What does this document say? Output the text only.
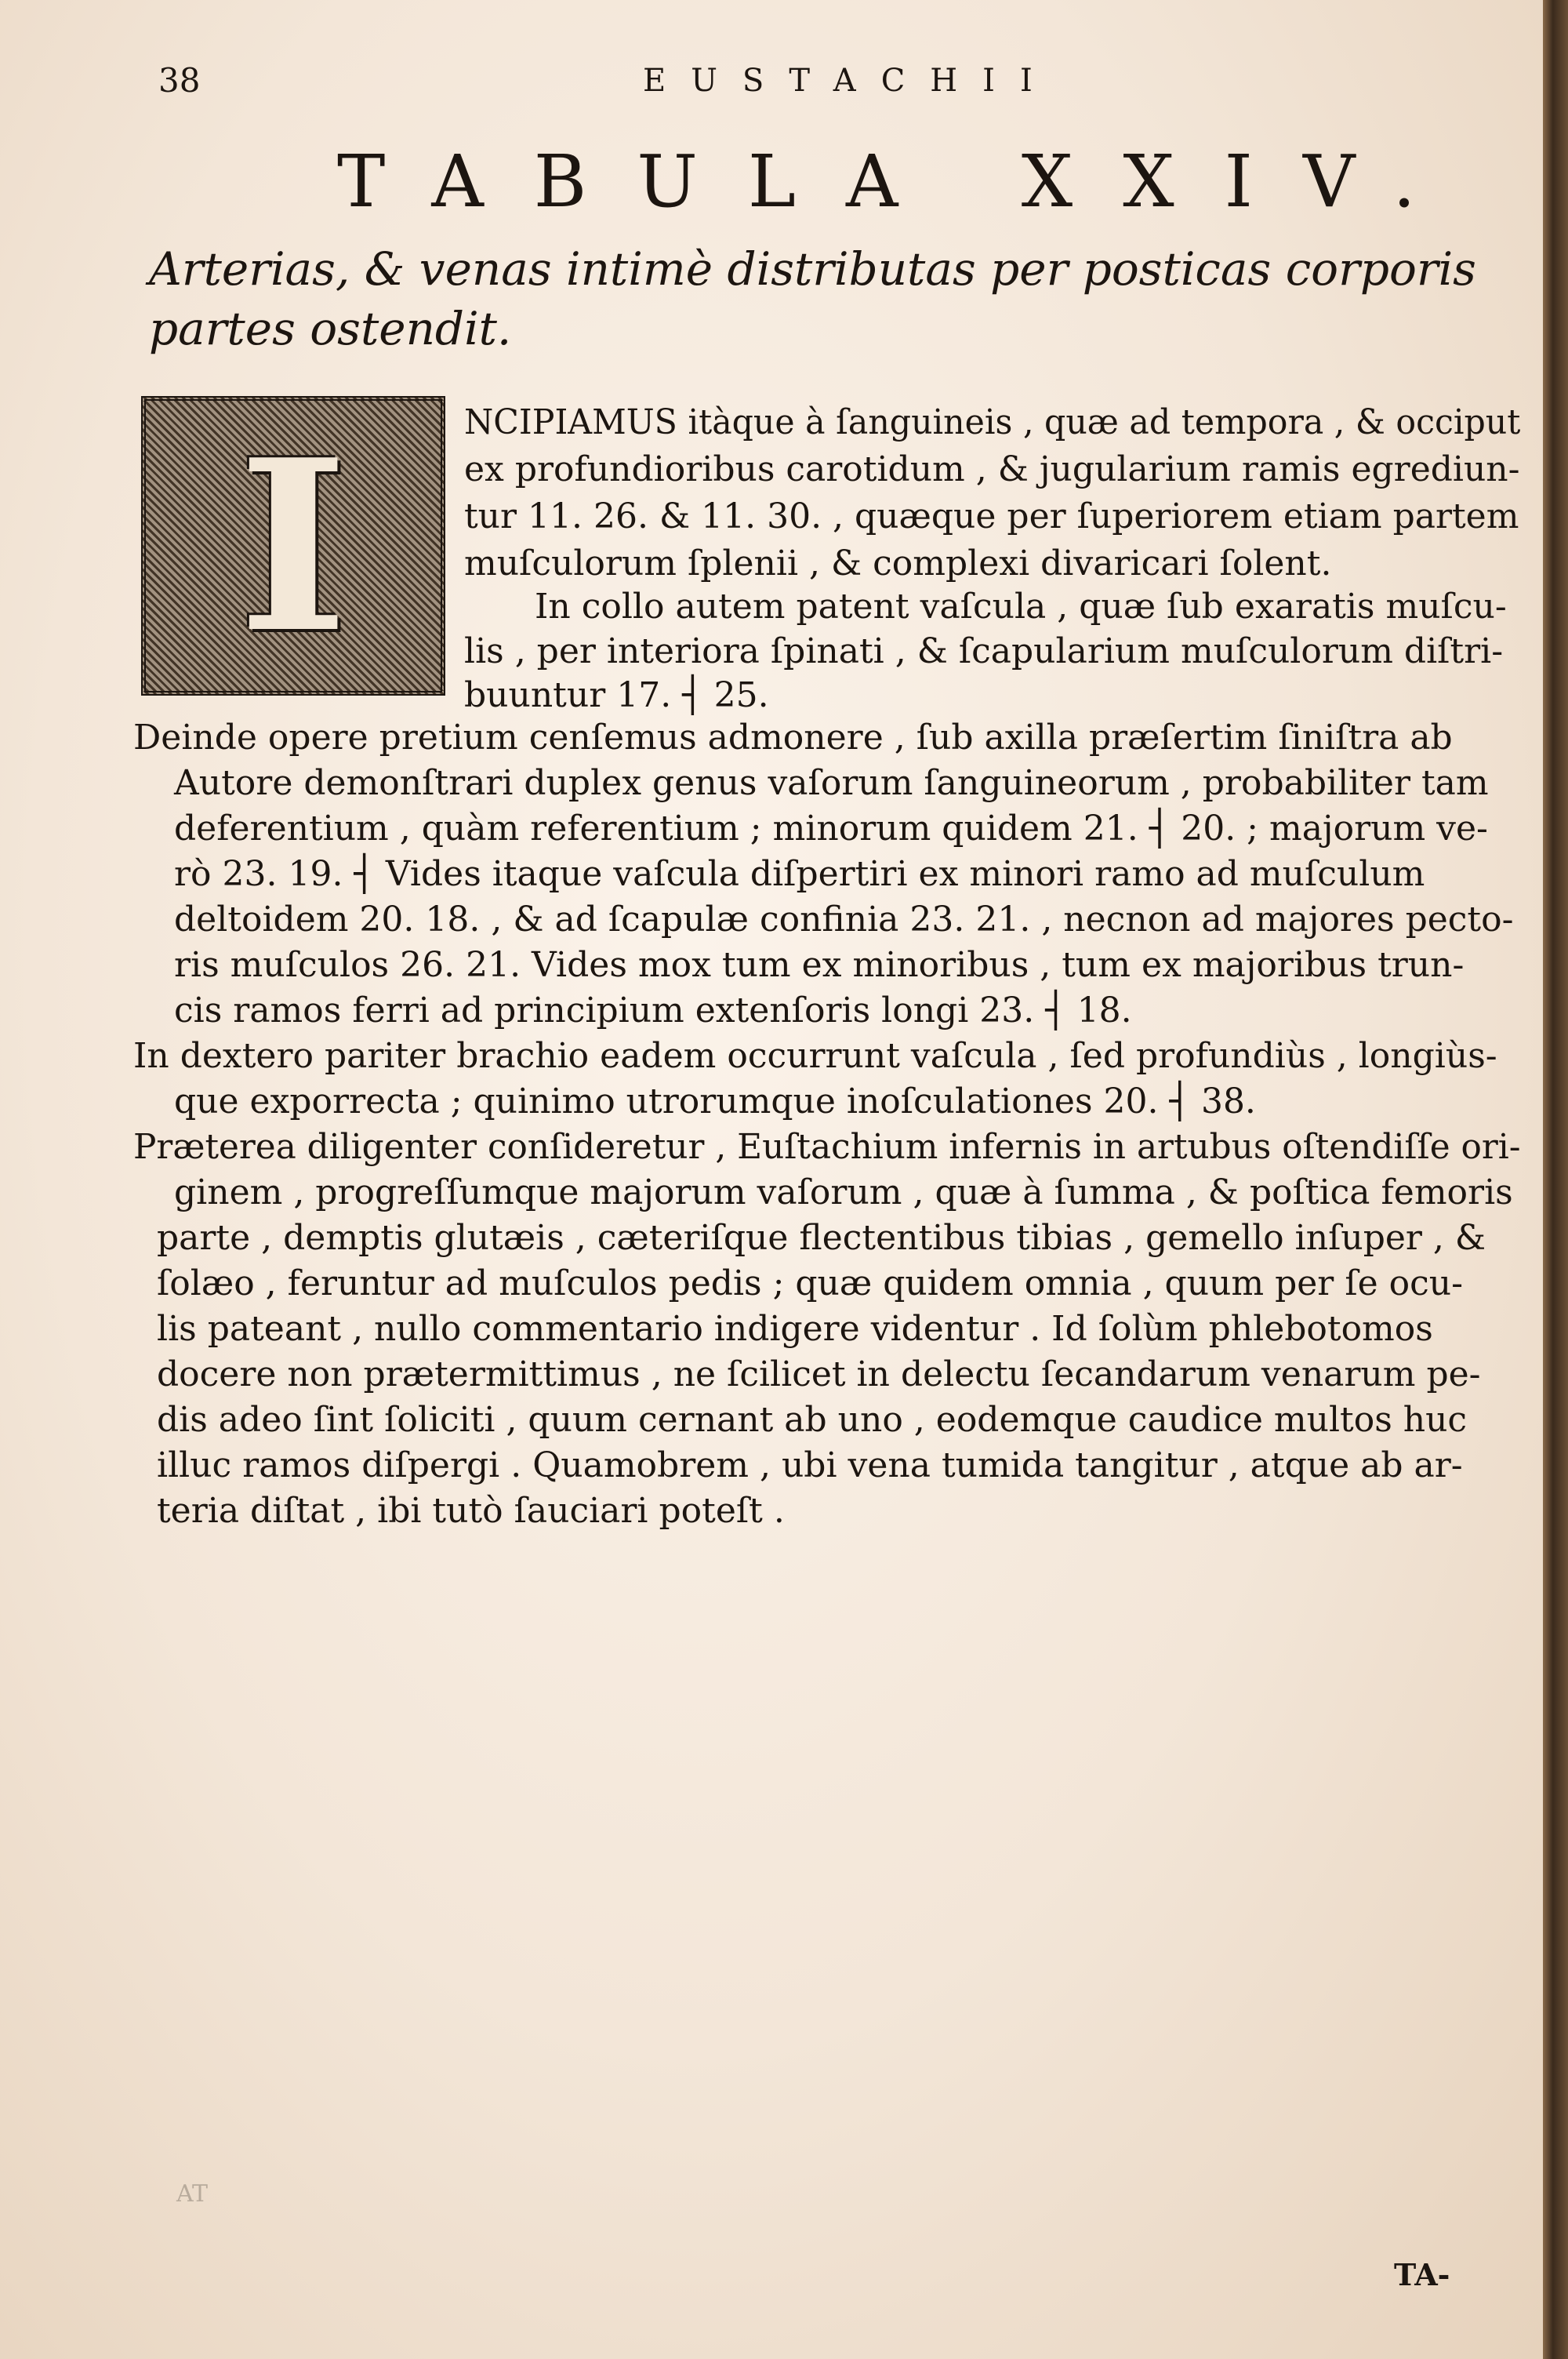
38	EUSTACHII
TABULA XXIV.

Arterias, & venas intimè distributas per posticas corporis partes ostendit.

I	NCIPIAMUS itàque à ſanguineis , quæ ad tempora , & occiput

ex profundioribus carotidum , & jugularium ramis egrediun-

tur 11. 26. & 11. 30. , quæque per ſuperiorem etiam partem

muſculorum ſplenii , & complexi divaricari ſolent.

In collo autem patent vaſcula , quæ ſub exaratis muſcu-

lis , per interiora ſpinati , & ſcapularium muſculorum diſtri-

buuntur 17. ┤ 25.

Deinde opere pretium cenſemus admonere , ſub axilla præſertim ſiniſtra ab

Autore demonſtrari duplex genus vaſorum ſanguineorum , probabiliter tam

deferentium , quàm referentium ; minorum quidem 21. ┤ 20. ; majorum ve-

rò 23. 19. ┤ Vides itaque vaſcula diſpertiri ex minori ramo ad muſculum

deltoidem 20. 18. , & ad ſcapulæ confinia 23. 21. , necnon ad majores pecto-

ris muſculos 26. 21. Vides mox tum ex minoribus , tum ex majoribus trun-

cis ramos ferri ad principium extenſoris longi 23. ┤ 18.

In dextero pariter brachio eadem occurrunt vaſcula , ſed profundiùs , longiùs-

que exporrecta ; quinimo utrorumque inoſculationes 20. ┤ 38.

Præterea diligenter conſideretur , Euſtachium infernis in artubus oſtendiſſe ori-

ginem , progreſſumque majorum vaſorum , quæ à ſumma , & poſtica femoris

parte , demptis glutæis , cæteriſque flectentibus tibias , gemello inſuper , &

ſolæo , feruntur ad muſculos pedis ; quæ quidem omnia , quum per ſe ocu-

lis pateant , nullo commentario indigere videntur . Id ſolùm phlebotomos

docere non prætermittimus , ne ſcilicet in delectu ſecandarum venarum pe-

dis adeo ſint ſoliciti , quum cernant ab uno , eodemque caudice multos huc

illuc ramos diſpergi . Quamobrem , ubi vena tumida tangitur , atque ab ar-

teria diſtat , ibi tutò ſauciari poteſt .

AT
TA-
